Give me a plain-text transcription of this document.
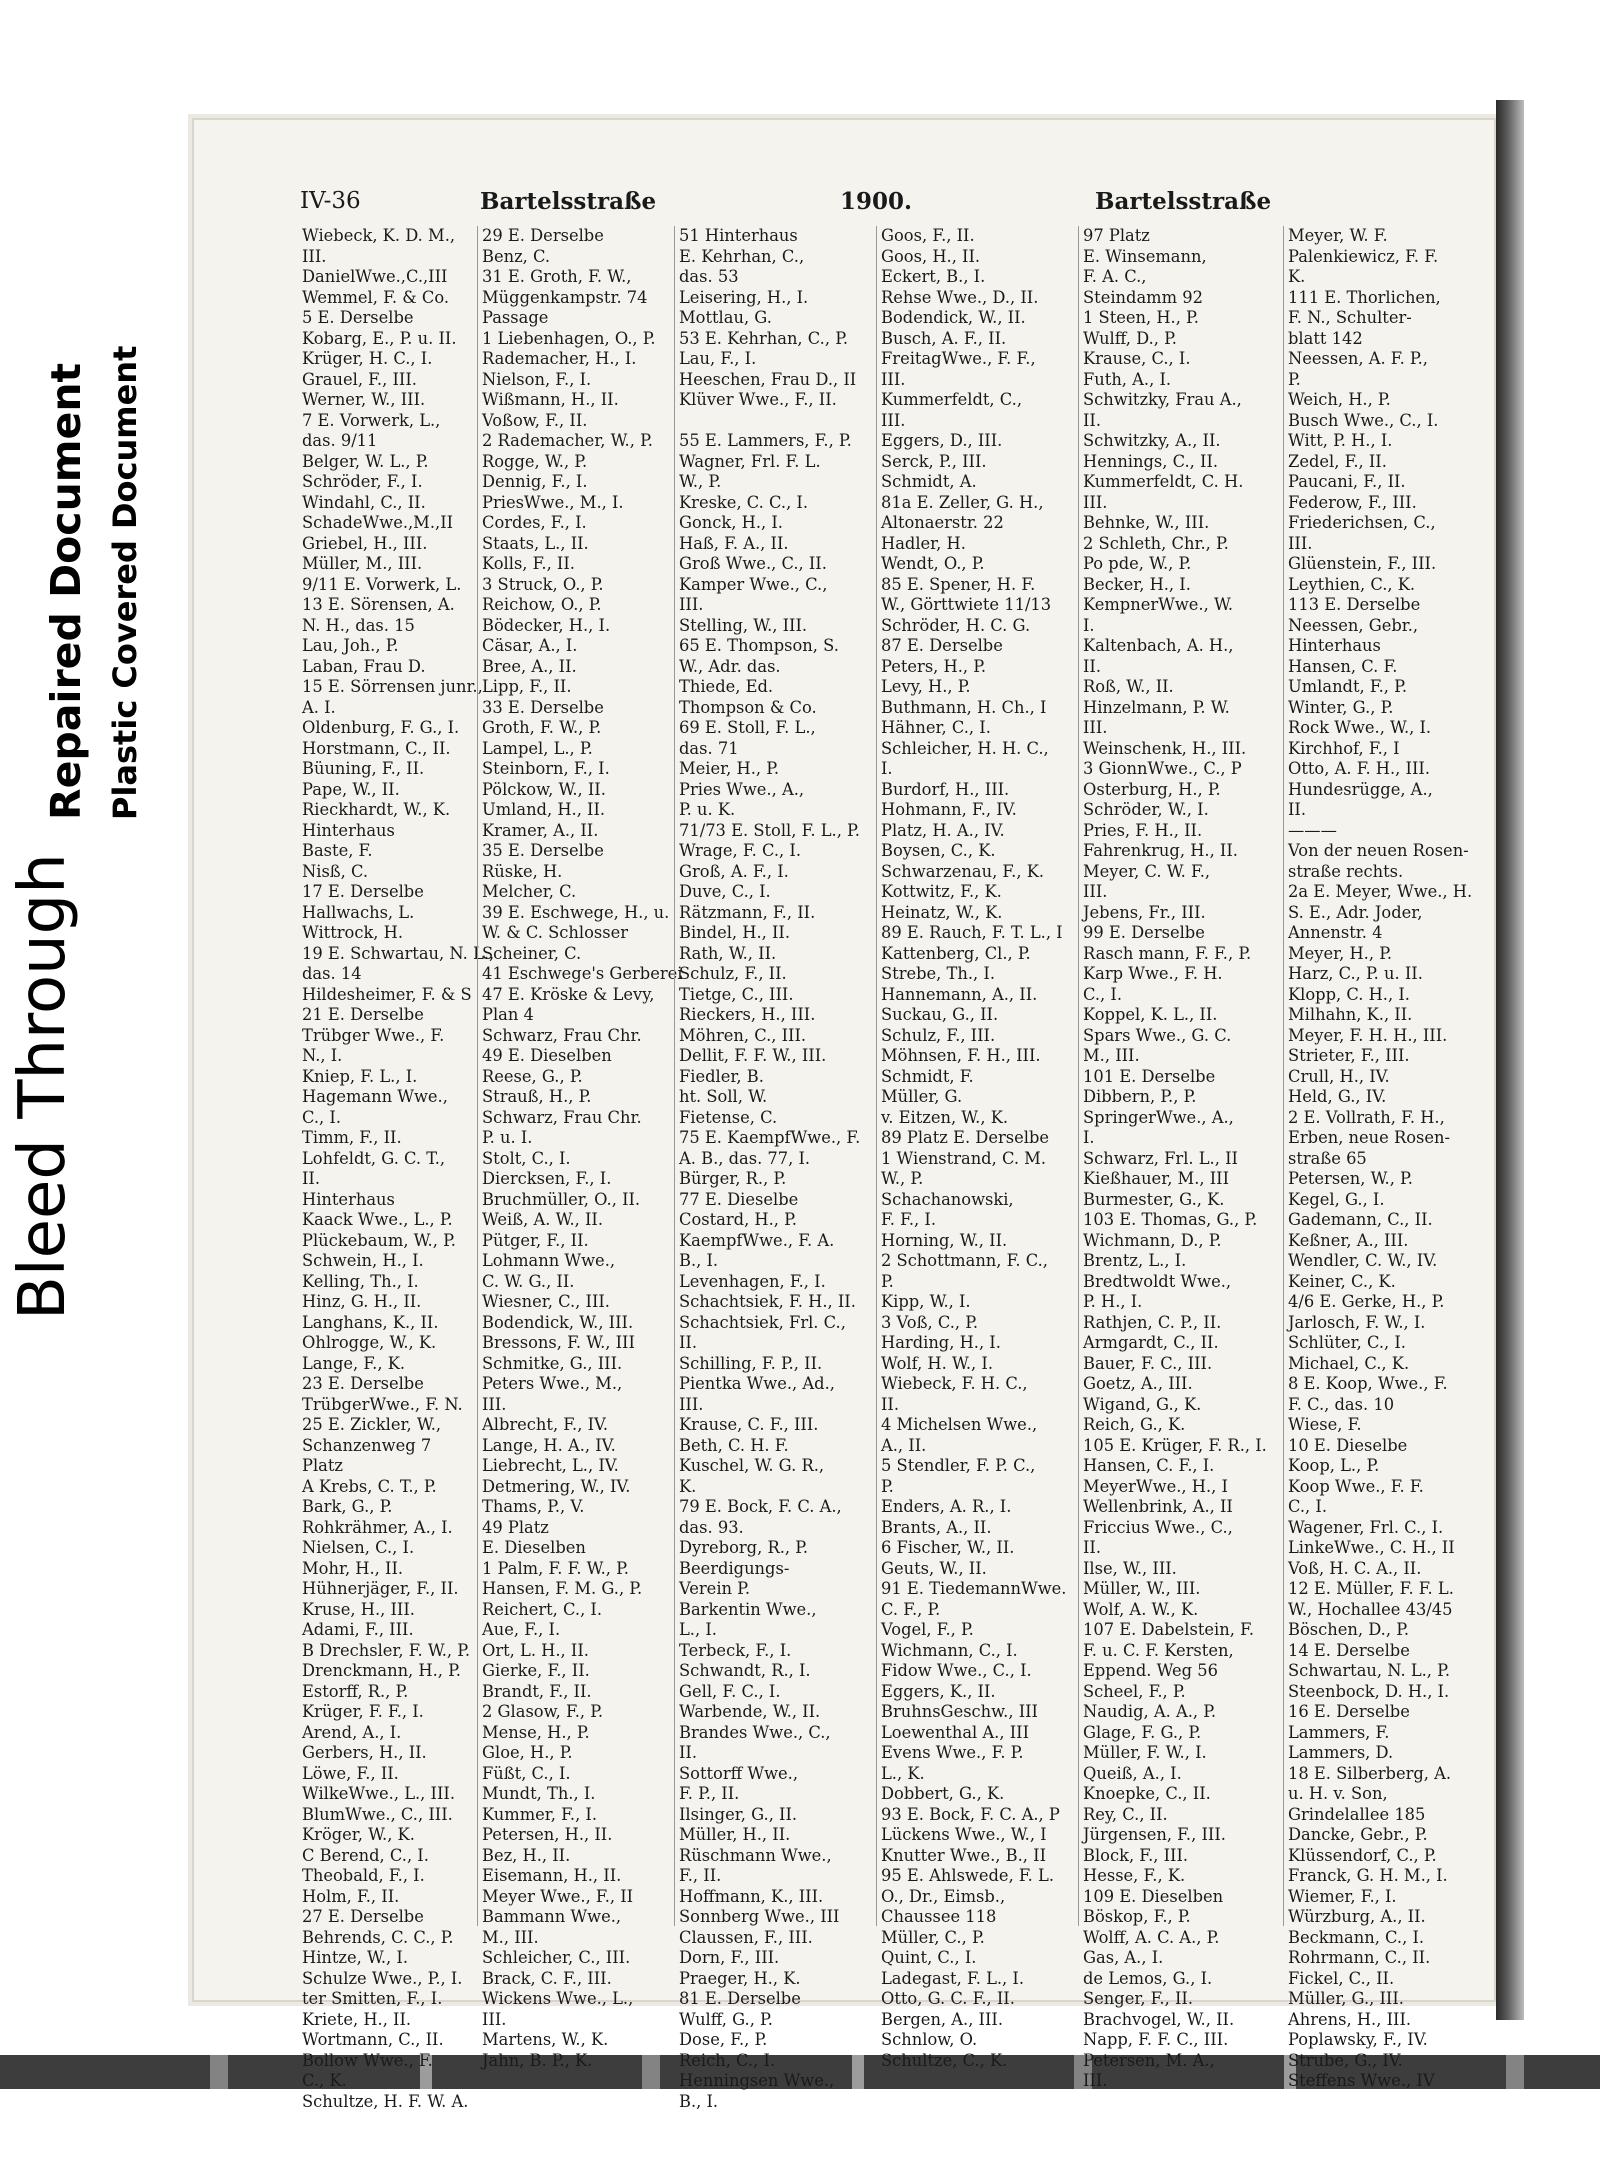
Bleed Through
Repaired Document Plastic Covered Document
IV-36	Bartelsstraße	1900.	Bartelsstraße
Wiebeck, K. D. M.,
III.
DanielWwe.,C.,III
Wemmel, F. & Co.
5 E. Derselbe
Kobarg, E., P. u. II.
Krüger, H. C., I.
Grauel, F., III.
Werner, W., III.
7 E. Vorwerk, L.,
das. 9/11
Belger, W. L., P.
Schröder, F., I.
Windahl, C., II.
SchadeWwe.,M.,II
Griebel, H., III.
Müller, M., III.
9/11 E. Vorwerk, L.
13 E. Sörensen, A.
N. H., das. 15
Lau, Joh., P.
Laban, Frau D.
15 E. Sörrensen junr.,
A. I.
Oldenburg, F. G., I.
Horstmann, C., II.
Büuning, F., II.
Pape, W., II.
Rieckhardt, W., K.
Hinterhaus
Baste, F.
Nisß, C.
17 E. Derselbe
Hallwachs, L.
Wittrock, H.
19 E. Schwartau, N. L.,
das. 14
Hildesheimer, F. & S
21 E. Derselbe
Trübger Wwe., F.
N., I.
Kniep, F. L., I.
Hagemann Wwe.,
C., I.
Timm, F., II.
Lohfeldt, G. C. T.,
II.
Hinterhaus
Kaack Wwe., L., P.
Plückebaum, W., P.
Schwein, H., I.
Kelling, Th., I.
Hinz, G. H., II.
Langhans, K., II.
Ohlrogge, W., K.
Lange, F., K.
23 E. Derselbe
TrübgerWwe., F. N.
25 E. Zickler, W.,
Schanzenweg 7
Platz
A Krebs, C. T., P.
Bark, G., P.
Rohkrähmer, A., I.
Nielsen, C., I.
Mohr, H., II.
Hühnerjäger, F., II.
Kruse, H., III.
Adami, F., III.
B Drechsler, F. W., P.
Drenckmann, H., P.
Estorff, R., P.
Krüger, F. F., I.
Arend, A., I.
Gerbers, H., II.
Löwe, F., II.
WilkeWwe., L., III.
BlumWwe., C., III.
Kröger, W., K.
C Berend, C., I.
Theobald, F., I.
Holm, F., II.
27 E. Derselbe
Behrends, C. C., P.
Hintze, W., I.
Schulze Wwe., P., I.
ter Smitten, F., I.
Kriete, H., II.
Wortmann, C., II.
Bollow Wwe., F.
C., K.
Schultze, H. F. W. A.
29 E. Derselbe
Benz, C.
31 E. Groth, F. W.,
Müggenkampstr. 74
Passage
1 Liebenhagen, O., P.
Rademacher, H., I.
Nielson, F., I.
Wißmann, H., II.
Voßow, F., II.
2 Rademacher, W., P.
Rogge, W., P.
Dennig, F., I.
PriesWwe., M., I.
Cordes, F., I.
Staats, L., II.
Kolls, F., II.
3 Struck, O., P.
Reichow, O., P.
Bödecker, H., I.
Cäsar, A., I.
Bree, A., II.
Lipp, F., II.
33 E. Derselbe
Groth, F. W., P.
Lampel, L., P.
Steinborn, F., I.
Pölckow, W., II.
Umland, H., II.
Kramer, A., II.
35 E. Derselbe
Rüske, H.
Melcher, C.
39 E. Eschwege, H., u.
W. & C. Schlosser
Scheiner, C.
41 Eschwege's Gerberei
47 E. Kröske & Levy,
Plan 4
Schwarz, Frau Chr.
49 E. Dieselben
Reese, G., P.
Strauß, H., P.
Schwarz, Frau Chr.
P. u. I.
Stolt, C., I.
Diercksen, F., I.
Bruchmüller, O., II.
Weiß, A. W., II.
Pütger, F., II.
Lohmann Wwe.,
C. W. G., II.
Wiesner, C., III.
Bodendick, W., III.
Bressons, F. W., III
Schmitke, G., III.
Peters Wwe., M.,
III.
Albrecht, F., IV.
Lange, H. A., IV.
Liebrecht, L., IV.
Detmering, W., IV.
Thams, P., V.
49 Platz
E. Dieselben
1 Palm, F. F. W., P.
Hansen, F. M. G., P.
Reichert, C., I.
Aue, F., I.
Ort, L. H., II.
Gierke, F., II.
Brandt, F., II.
2 Glasow, F., P.
Mense, H., P.
Gloe, H., P.
Füßt, C., I.
Mundt, Th., I.
Kummer, F., I.
Petersen, H., II.
Bez, H., II.
Eisemann, H., II.
Meyer Wwe., F., II
Bammann Wwe.,
M., III.
Schleicher, C., III.
Brack, C. F., III.
Wickens Wwe., L.,
III.
Martens, W., K.
Jahn, B. P., K.
51 Hinterhaus
E. Kehrhan, C.,
das. 53
Leisering, H., I.
Mottlau, G.
53 E. Kehrhan, C., P.
Lau, F., I.
Heeschen, Frau D., II
Klüver Wwe., F., II.
55 E. Lammers, F., P.
Wagner, Frl. F. L.
W., P.
Kreske, C. C., I.
Gonck, H., I.
Haß, F. A., II.
Groß Wwe., C., II.
Kamper Wwe., C.,
III.
Stelling, W., III.
65 E. Thompson, S.
W., Adr. das.
Thiede, Ed.
Thompson & Co.
69 E. Stoll, F. L.,
das. 71
Meier, H., P.
Pries Wwe., A.,
P. u. K.
71/73 E. Stoll, F. L., P.
Wrage, F. C., I.
Groß, A. F., I.
Duve, C., I.
Rätzmann, F., II.
Bindel, H., II.
Rath, W., II.
Schulz, F., II.
Tietge, C., III.
Rieckers, H., III.
Möhren, C., III.
Dellit, F. F. W., III.
Fiedler, B.
ht. Soll, W.
Fietense, C.
75 E. KaempfWwe., F.
A. B., das. 77, I.
Bürger, R., P.
77 E. Dieselbe
Costard, H., P.
KaempfWwe., F. A.
B., I.
Levenhagen, F., I.
Schachtsiek, F. H., II.
Schachtsiek, Frl. C.,
II.
Schilling, F. P., II.
Pientka Wwe., Ad.,
III.
Krause, C. F., III.
Beth, C. H. F.
Kuschel, W. G. R.,
K.
79 E. Bock, F. C. A.,
das. 93.
Dyreborg, R., P.
Beerdigungs-
Verein P.
Barkentin Wwe.,
L., I.
Terbeck, F., I.
Schwandt, R., I.
Gell, F. C., I.
Warbende, W., II.
Brandes Wwe., C.,
II.
Sottorff Wwe.,
F. P., II.
Ilsinger, G., II.
Müller, H., II.
Rüschmann Wwe.,
F., II.
Hoffmann, K., III.
Sonnberg Wwe., III
Claussen, F., III.
Dorn, F., III.
Praeger, H., K.
81 E. Derselbe
Wulff, G., P.
Dose, F., P.
Reich, C., I.
Henningsen Wwe.,
B., I.
Goos, F., II.
Goos, H., II.
Eckert, B., I.
Rehse Wwe., D., II.
Bodendick, W., II.
Busch, A. F., II.
FreitagWwe., F. F.,
III.
Kummerfeldt, C.,
III.
Eggers, D., III.
Serck, P., III.
Schmidt, A.
81a E. Zeller, G. H.,
Altonaerstr. 22
Hadler, H.
Wendt, O., P.
85 E. Spener, H. F.
W., Görttwiete 11/13
Schröder, H. C. G.
87 E. Derselbe
Peters, H., P.
Levy, H., P.
Buthmann, H. Ch., I
Hähner, C., I.
Schleicher, H. H. C.,
I.
Burdorf, H., III.
Hohmann, F., IV.
Platz, H. A., IV.
Boysen, C., K.
Schwarzenau, F., K.
Kottwitz, F., K.
Heinatz, W., K.
89 E. Rauch, F. T. L., I
Kattenberg, Cl., P.
Strebe, Th., I.
Hannemann, A., II.
Suckau, G., II.
Schulz, F., III.
Möhnsen, F. H., III.
Schmidt, F.
Müller, G.
v. Eitzen, W., K.
89 Platz E. Derselbe
1 Wienstrand, C. M.
W., P.
Schachanowski,
F. F., I.
Horning, W., II.
2 Schottmann, F. C.,
P.
Kipp, W., I.
3 Voß, C., P.
Harding, H., I.
Wolf, H. W., I.
Wiebeck, F. H. C.,
II.
4 Michelsen Wwe.,
A., II.
5 Stendler, F. P. C.,
P.
Enders, A. R., I.
Brants, A., II.
6 Fischer, W., II.
Geuts, W., II.
91 E. TiedemannWwe.
C. F., P.
Vogel, F., P.
Wichmann, C., I.
Fidow Wwe., C., I.
Eggers, K., II.
BruhnsGeschw., III
Loewenthal A., III
Evens Wwe., F. P.
L., K.
Dobbert, G., K.
93 E. Bock, F. C. A., P
Lückens Wwe., W., I
Knutter Wwe., B., II
95 E. Ahlswede, F. L.
O., Dr., Eimsb.,
Chaussee 118
Müller, C., P.
Quint, C., I.
Ladegast, F. L., I.
Otto, G. C. F., II.
Bergen, A., III.
Schnlow, O.
Schultze, C., K.
97 Platz
E. Winsemann,
F. A. C.,
Steindamm 92
1 Steen, H., P.
Wulff, D., P.
Krause, C., I.
Futh, A., I.
Schwitzky, Frau A.,
II.
Schwitzky, A., II.
Hennings, C., II.
Kummerfeldt, C. H.
III.
Behnke, W., III.
2 Schleth, Chr., P.
Po pde, W., P.
Becker, H., I.
KempnerWwe., W.
I.
Kaltenbach, A. H.,
II.
Roß, W., II.
Hinzelmann, P. W.
III.
Weinschenk, H., III.
3 GionnWwe., C., P
Osterburg, H., P.
Schröder, W., I.
Pries, F. H., II.
Fahrenkrug, H., II.
Meyer, C. W. F.,
III.
Jebens, Fr., III.
99 E. Derselbe
Rasch mann, F. F., P.
Karp Wwe., F. H.
C., I.
Koppel, K. L., II.
Spars Wwe., G. C.
M., III.
101 E. Derselbe
Dibbern, P., P.
SpringerWwe., A.,
I.
Schwarz, Frl. L., II
Kießhauer, M., III
Burmester, G., K.
103 E. Thomas, G., P.
Wichmann, D., P.
Brentz, L., I.
Bredtwoldt Wwe.,
P. H., I.
Rathjen, C. P., II.
Armgardt, C., II.
Bauer, F. C., III.
Goetz, A., III.
Wigand, G., K.
Reich, G., K.
105 E. Krüger, F. R., I.
Hansen, C. F., I.
MeyerWwe., H., I
Wellenbrink, A., II
Friccius Wwe., C.,
II.
Ilse, W., III.
Müller, W., III.
Wolf, A. W., K.
107 E. Dabelstein, F.
F. u. C. F. Kersten,
Eppend. Weg 56
Scheel, F., P.
Naudig, A. A., P.
Glage, F. G., P.
Müller, F. W., I.
Queiß, A., I.
Knoepke, C., II.
Rey, C., II.
Jürgensen, F., III.
Block, F., III.
Hesse, F., K.
109 E. Dieselben
Böskop, F., P.
Wolff, A. C. A., P.
Gas, A., I.
de Lemos, G., I.
Senger, F., II.
Brachvogel, W., II.
Napp, F. F. C., III.
Petersen, M. A.,
III.
Meyer, W. F.
Palenkiewicz, F. F.
K.
111 E. Thorlichen,
F. N., Schulter-
blatt 142
Neessen, A. F. P.,
P.
Weich, H., P.
Busch Wwe., C., I.
Witt, P. H., I.
Zedel, F., II.
Paucani, F., II.
Federow, F., III.
Friederichsen, C.,
III.
Glüenstein, F., III.
Leythien, C., K.
113 E. Derselbe
Neessen, Gebr.,
Hinterhaus
Hansen, C. F.
Umlandt, F., P.
Winter, G., P.
Rock Wwe., W., I.
Kirchhof, F., I
Otto, A. F. H., III.
Hundesrügge, A.,
II.
———
Von der neuen Rosen-
straße rechts.
2a E. Meyer, Wwe., H.
S. E., Adr. Joder,
Annenstr. 4
Meyer, H., P.
Harz, C., P. u. II.
Klopp, C. H., I.
Milhahn, K., II.
Meyer, F. H. H., III.
Strieter, F., III.
Crull, H., IV.
Held, G., IV.
2 E. Vollrath, F. H.,
Erben, neue Rosen-
straße 65
Petersen, W., P.
Kegel, G., I.
Gademann, C., II.
Keßner, A., III.
Wendler, C. W., IV.
Keiner, C., K.
4/6 E. Gerke, H., P.
Jarlosch, F. W., I.
Schlüter, C., I.
Michael, C., K.
8 E. Koop, Wwe., F.
F. C., das. 10
Wiese, F.
10 E. Dieselbe
Koop, L., P.
Koop Wwe., F. F.
C., I.
Wagener, Frl. C., I.
LinkeWwe., C. H., II
Voß, H. C. A., II.
12 E. Müller, F. F. L.
W., Hochallee 43/45
Böschen, D., P.
14 E. Derselbe
Schwartau, N. L., P.
Steenbock, D. H., I.
16 E. Derselbe
Lammers, F.
Lammers, D.
18 E. Silberberg, A.
u. H. v. Son,
Grindelallee 185
Dancke, Gebr., P.
Klüssendorf, C., P.
Franck, G. H. M., I.
Wiemer, F., I.
Würzburg, A., II.
Beckmann, C., I.
Rohrmann, C., II.
Fickel, C., II.
Müller, G., III.
Ahrens, H., III.
Poplawsky, F., IV.
Strube, G., IV.
Steffens Wwe., IV
